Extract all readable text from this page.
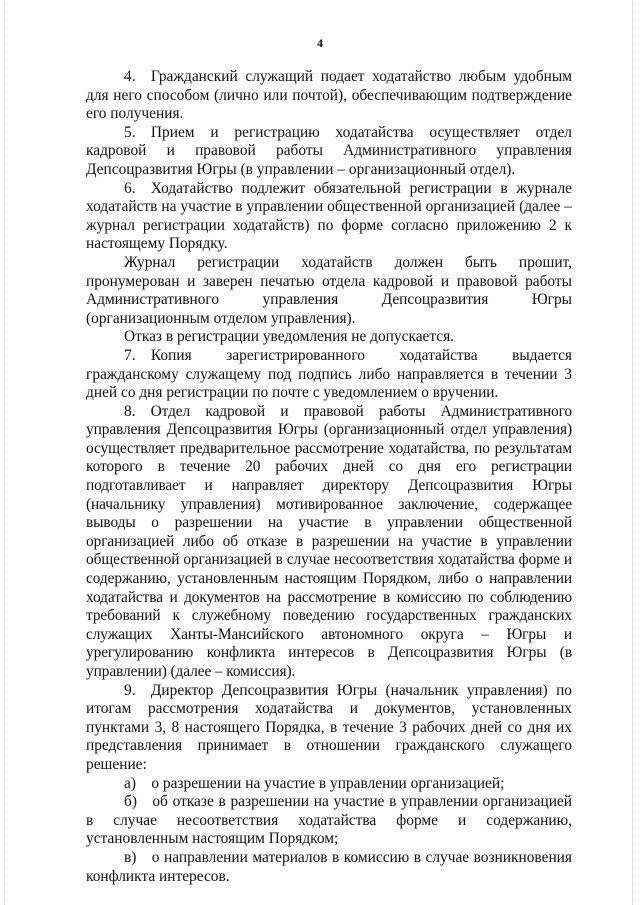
4

4. Гражданский служащий подает ходатайство любым удобным для него способом (лично или почтой), обеспечивающим подтверждение его получения.

5. Прием и регистрацию ходатайства осуществляет отдел кадровой и правовой работы Административного управления Депсоцразвития Югры (в управлении – организационный отдел).

6. Ходатайство подлежит обязательной регистрации в журнале ходатайств на участие в управлении общественной организацией (далее – журнал регистрации ходатайств) по форме согласно приложению 2 к настоящему Порядку.

Журнал регистрации ходатайств должен быть прошит, пронумерован и заверен печатью отдела кадровой и правовой работы Административного управления Депсоцразвития Югры (организационным отделом управления).

Отказ в регистрации уведомления не допускается.

7. Копия зарегистрированного ходатайства выдается гражданскому служащему под подпись либо направляется в течении 3 дней со дня регистрации по почте с уведомлением о вручении.

8. Отдел кадровой и правовой работы Административного управления Депсоцразвития Югры (организационный отдел управления) осуществляет предварительное рассмотрение ходатайства, по результатам которого в течение 20 рабочих дней со дня его регистрации подготавливает и направляет директору Депсоцразвития Югры (начальнику управления) мотивированное заключение, содержащее выводы о разрешении на участие в управлении общественной организацией либо об отказе в разрешении на участие в управлении общественной организацией в случае несоответствия ходатайства форме и содержанию, установленным настоящим Порядком, либо о направлении ходатайства и документов на рассмотрение в комиссию по соблюдению требований к служебному поведению государственных гражданских служащих Ханты-Мансийского автономного округа – Югры и урегулированию конфликта интересов в Депсоцразвития Югры (в управлении) (далее – комиссия).

9. Директор Депсоцразвития Югры (начальник управления) по итогам рассмотрения ходатайства и документов, установленных пунктами 3, 8 настоящего Порядка, в течение 3 рабочих дней со дня их представления принимает в отношении гражданского служащего решение:

а) о разрешении на участие в управлении организацией;

б) об отказе в разрешении на участие в управлении организацией в случае несоответствия ходатайства форме и содержанию, установленным настоящим Порядком;

в) о направлении материалов в комиссию в случае возникновения конфликта интересов.
